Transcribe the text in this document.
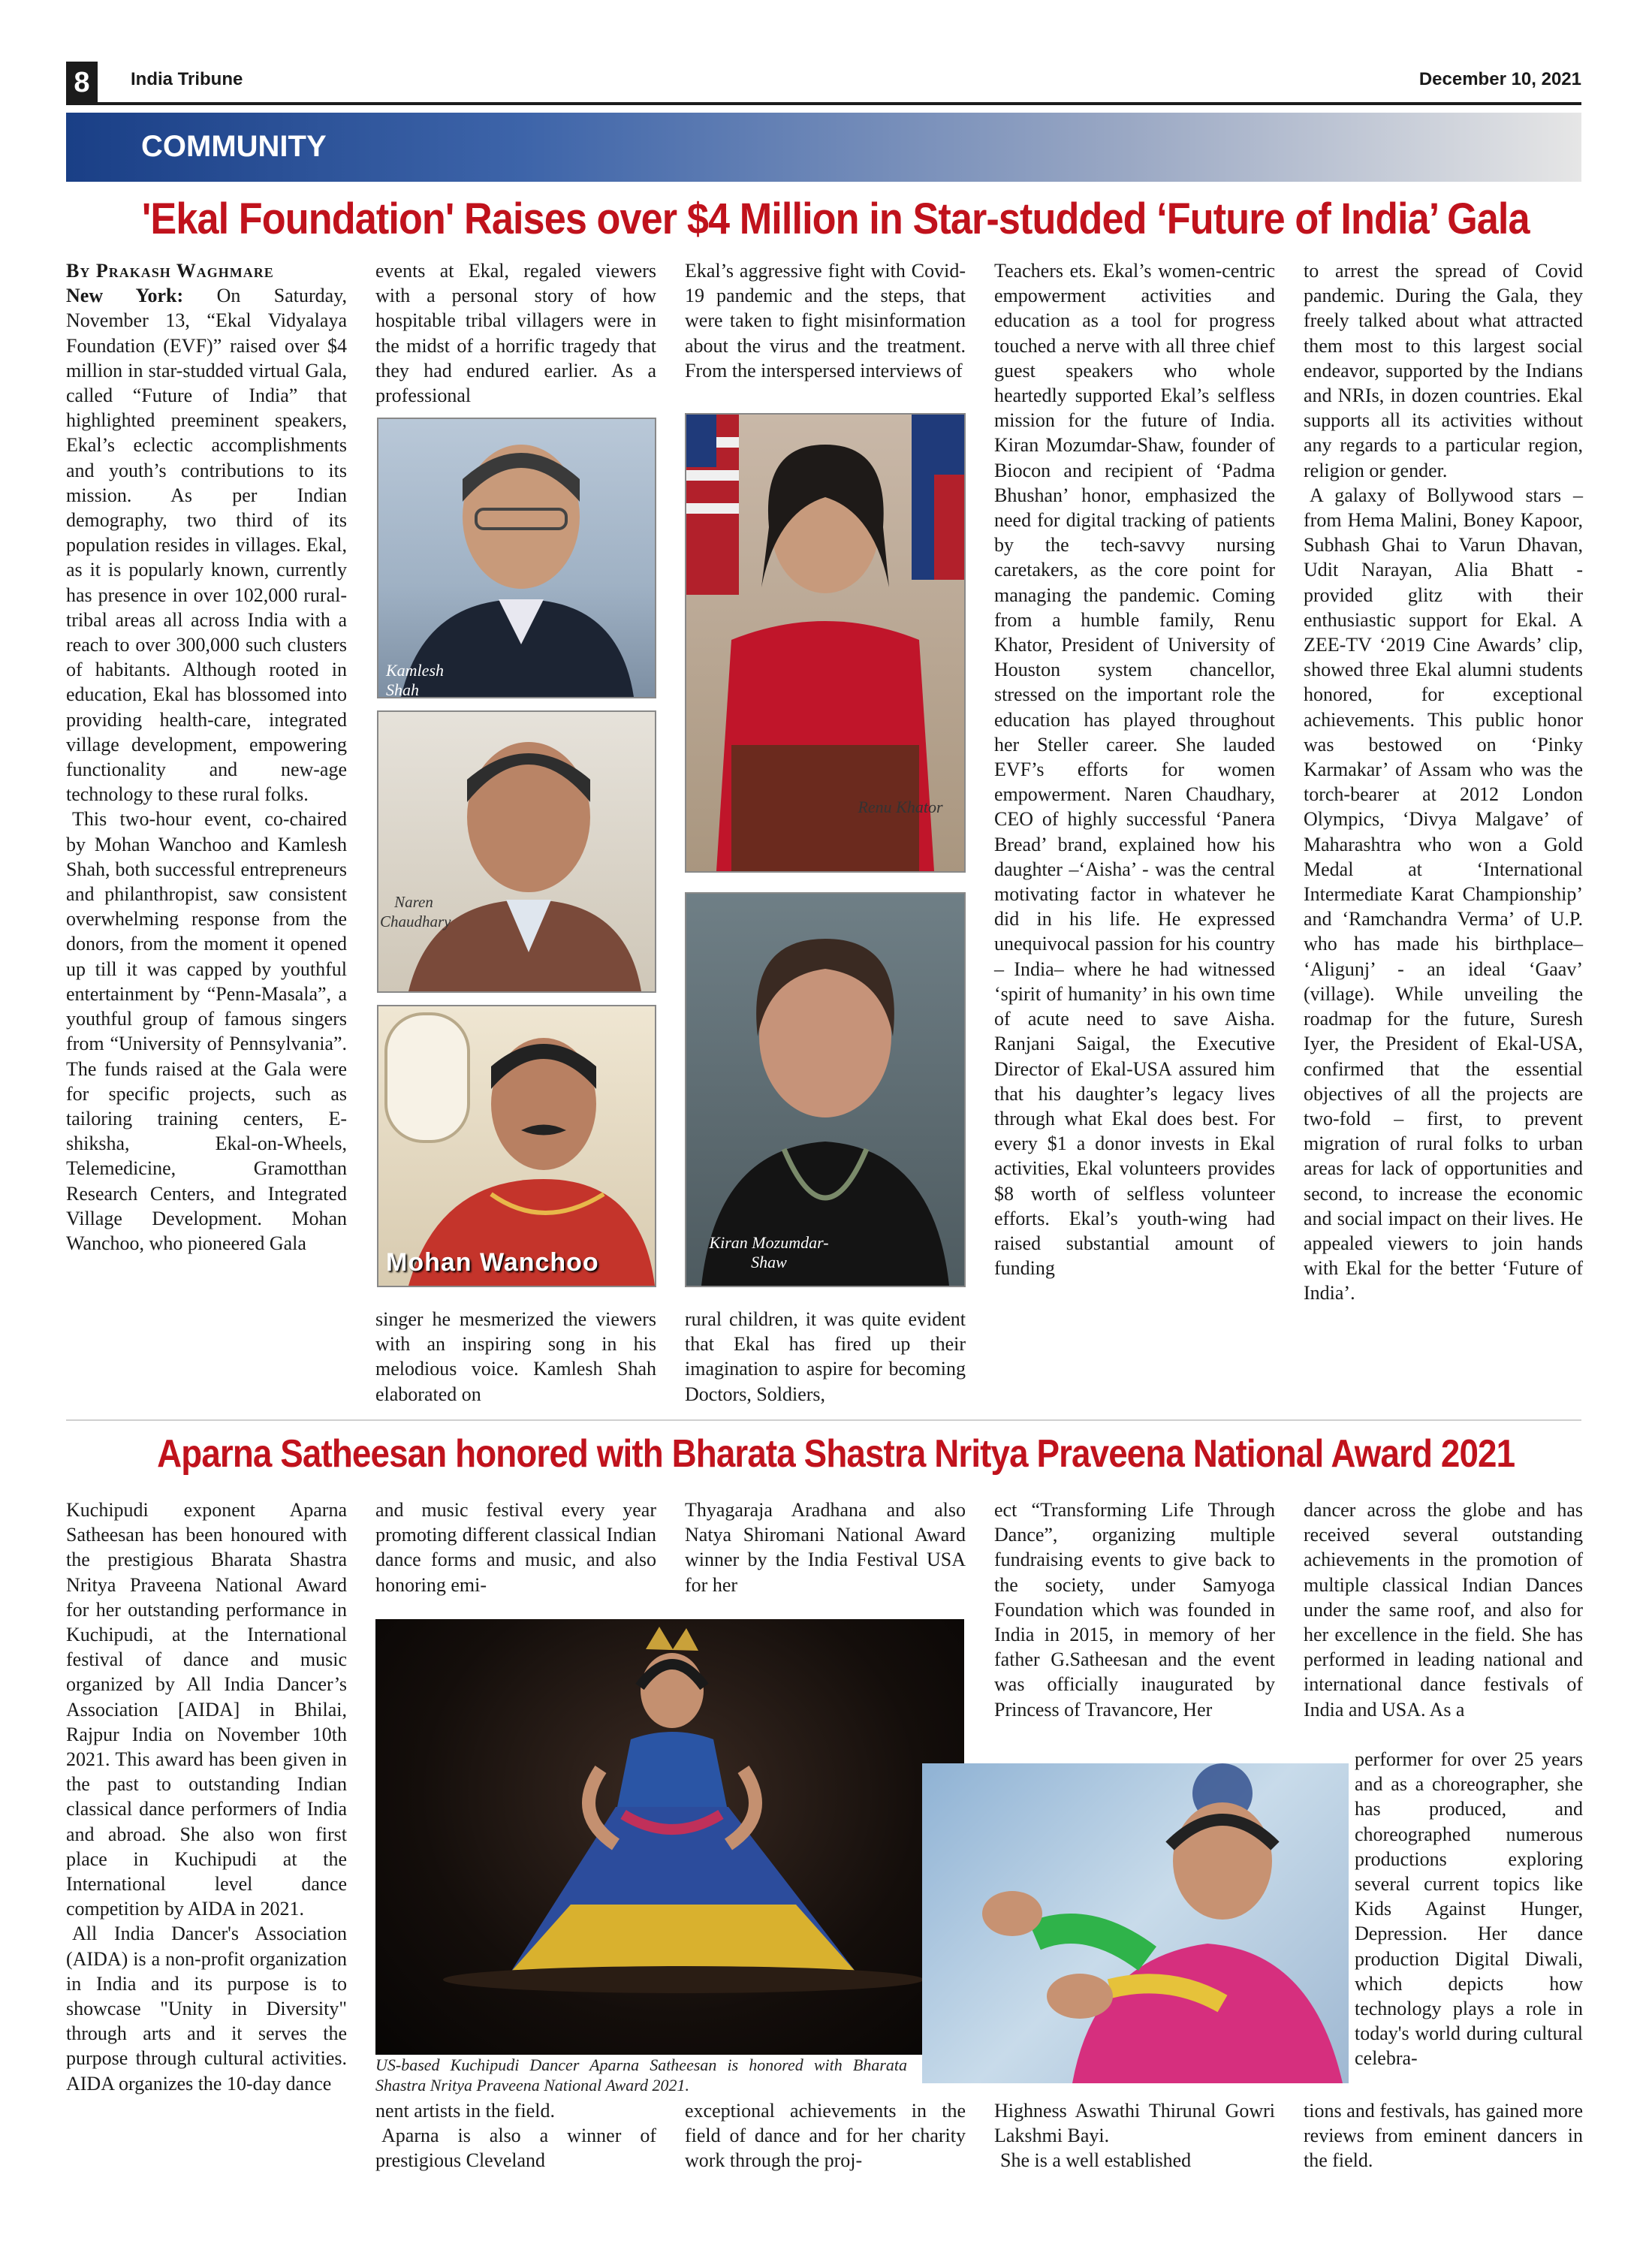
8	India Tribune	December 10, 2021
COMMUNITY
'Ekal Foundation' Raises over $4 Million in Star-studded ‘Future of India’ Gala

By Prakash Waghmare

New York: On Saturday, November 13, “Ekal Vidyalaya Foundation (EVF)” raised over $4 million in star-studded virtual Gala, called “Future of India” that highlighted preeminent speakers, Ekal’s eclectic accomplishments and youth’s contributions to its mission. As per Indian demography, two third of its population resides in villages. Ekal, as it is popularly known, currently has presence in over 102,000 rural-tribal areas all across India with a reach to over 300,000 such clusters of habitants. Although rooted in education, Ekal has blossomed into providing health-care, integrated village development, empowering functionality and new-age technology to these rural folks.

This two-hour event, co-chaired by Mohan Wanchoo and Kamlesh Shah, both successful entrepreneurs and philanthropist, saw consistent overwhelming response from the donors, from the moment it opened up till it was capped by youthful entertainment by “Penn-Masala”, a youthful group of famous singers from “University of Pennsylvania”. The funds raised at the Gala were for specific projects, such as tailoring training centers, E-shiksha, Ekal-on-Wheels, Telemedicine, Gramotthan Research Centers, and Integrated Village Development. Mohan Wanchoo, who pioneered Gala

events at Ekal, regaled viewers with a personal story of how hospitable tribal villagers were in the midst of a horrific tragedy that they had endured earlier. As a professional
singer he mesmerized the viewers with an inspiring song in his melodious voice. Kamlesh Shah elaborated on
Ekal’s aggressive fight with Covid-19 pandemic and the steps, that were taken to fight misinformation about the virus and the treatment. From the interspersed interviews of
rural children, it was quite evident that Ekal has fired up their imagination to aspire for becoming Doctors, Soldiers,
Teachers ets. Ekal’s women-centric empowerment activities and education as a tool for progress touched a nerve with all three chief guest speakers who whole heartedly supported Ekal’s selfless mission for the future of India. Kiran Mozumdar-Shaw, founder of Biocon and recipient of ‘Padma Bhushan’ honor, emphasized the need for digital tracking of patients by the tech-savvy nursing caretakers, as the core point for managing the pandemic. Coming from a humble family, Renu Khator, President of University of Houston system chancellor, stressed on the important role the education has played throughout her Steller career. She lauded EVF’s efforts for women empowerment. Naren Chaudhary, CEO of highly successful ‘Panera Bread’ brand, explained how his daughter –‘Aisha’ - was the central motivating factor in whatever he did in his life. He expressed unequivocal passion for his country – India– where he had witnessed ‘spirit of humanity’ in his own time of acute need to save Aisha. Ranjani Saigal, the Executive Director of Ekal-USA assured him that his daughter’s legacy lives through what Ekal does best. For every $1 a donor invests in Ekal activities, Ekal volunteers provides $8 worth of selfless volunteer efforts. Ekal’s youth-wing had raised substantial amount of funding

to arrest the spread of Covid pandemic. During the Gala, they freely talked about what attracted them most to this largest social endeavor, supported by the Indians and NRIs, in dozen countries. Ekal supports all its activities without any regards to a particular region, religion or gender.

A galaxy of Bollywood stars – from Hema Malini, Boney Kapoor, Subhash Ghai to Varun Dhavan, Udit Narayan, Alia Bhatt - provided glitz with their enthusiastic support for Ekal. A ZEE-TV ‘2019 Cine Awards’ clip, showed three Ekal alumni students honored, for exceptional achievements. This public honor was bestowed on ‘Pinky Karmakar’ of Assam who was the torch-bearer at 2012 London Olympics, ‘Divya Malgave’ of Maharashtra who won a Gold Medal at ‘International Intermediate Karat Championship’ and ‘Ramchandra Verma’ of U.P. who has made his birthplace– ‘Aligunj’ - an ideal ‘Gaav’ (village). While unveiling the roadmap for the future, Suresh Iyer, the President of Ekal-USA, confirmed that the essential objectives of all the projects are two-fold – first, to prevent migration of rural folks to urban areas for lack of opportunities and second, to increase the economic and social impact on their lives. He appealed viewers to join hands with Ekal for the better ‘Future of India’.

Kamlesh Shah
Naren Chaudhary
Mohan Wanchoo
Renu Khator
Kiran Mozumdar-Shaw
Aparna Satheesan honored with Bharata Shastra Nritya Praveena National Award 2021

Kuchipudi exponent Aparna Satheesan has been honoured with the prestigious Bharata Shastra Nritya Praveena National Award for her outstanding performance in Kuchipudi, at the International festival of dance and music organized by All India Dancer’s Association [AIDA] in Bhilai, Rajpur India on November 10th 2021. This award has been given in the past to outstanding Indian classical dance performers of India and abroad. She also won first place in Kuchipudi at the International level dance competition by AIDA in 2021.

All India Dancer's Association (AIDA) is a non-profit organization in India and its purpose is to showcase "Unity in Diversity" through arts and it serves the purpose through cultural activities. AIDA organizes the 10-day dance

and music festival every year promoting different classical Indian dance forms and music, and also honoring emi-

nent artists in the field.

Aparna is also a winner of prestigious Cleveland

Thyagaraja Aradhana and also Natya Shiromani National Award winner by the India Festival USA for her
exceptional achievements in the field of dance and for her charity work through the proj-
ect “Transforming Life Through Dance”, organizing multiple fundraising events to give back to the society, under Samyoga Foundation which was founded in India in 2015, in memory of her father G.Satheesan and the event was officially inaugurated by Princess of Travancore, Her

Highness Aswathi Thirunal Gowri Lakshmi Bayi.

She is a well established

dancer across the globe and has received several outstanding achievements in the promotion of multiple classical Indian Dances under the same roof, and also for her excellence in the field. She has performed in leading national and international dance festivals of India and USA. As a
performer for over 25 years and as a choreographer, she has produced, and choreographed numerous productions exploring several current topics like Kids Against Hunger, Depression. Her dance production Digital Diwali, which depicts how technology plays a role in today's world during cultural celebra-
tions and festivals, has gained more reviews from eminent dancers in the field.
US-based Kuchipudi Dancer Aparna Satheesan is honored with Bharata Shastra Nritya Praveena National Award 2021.
